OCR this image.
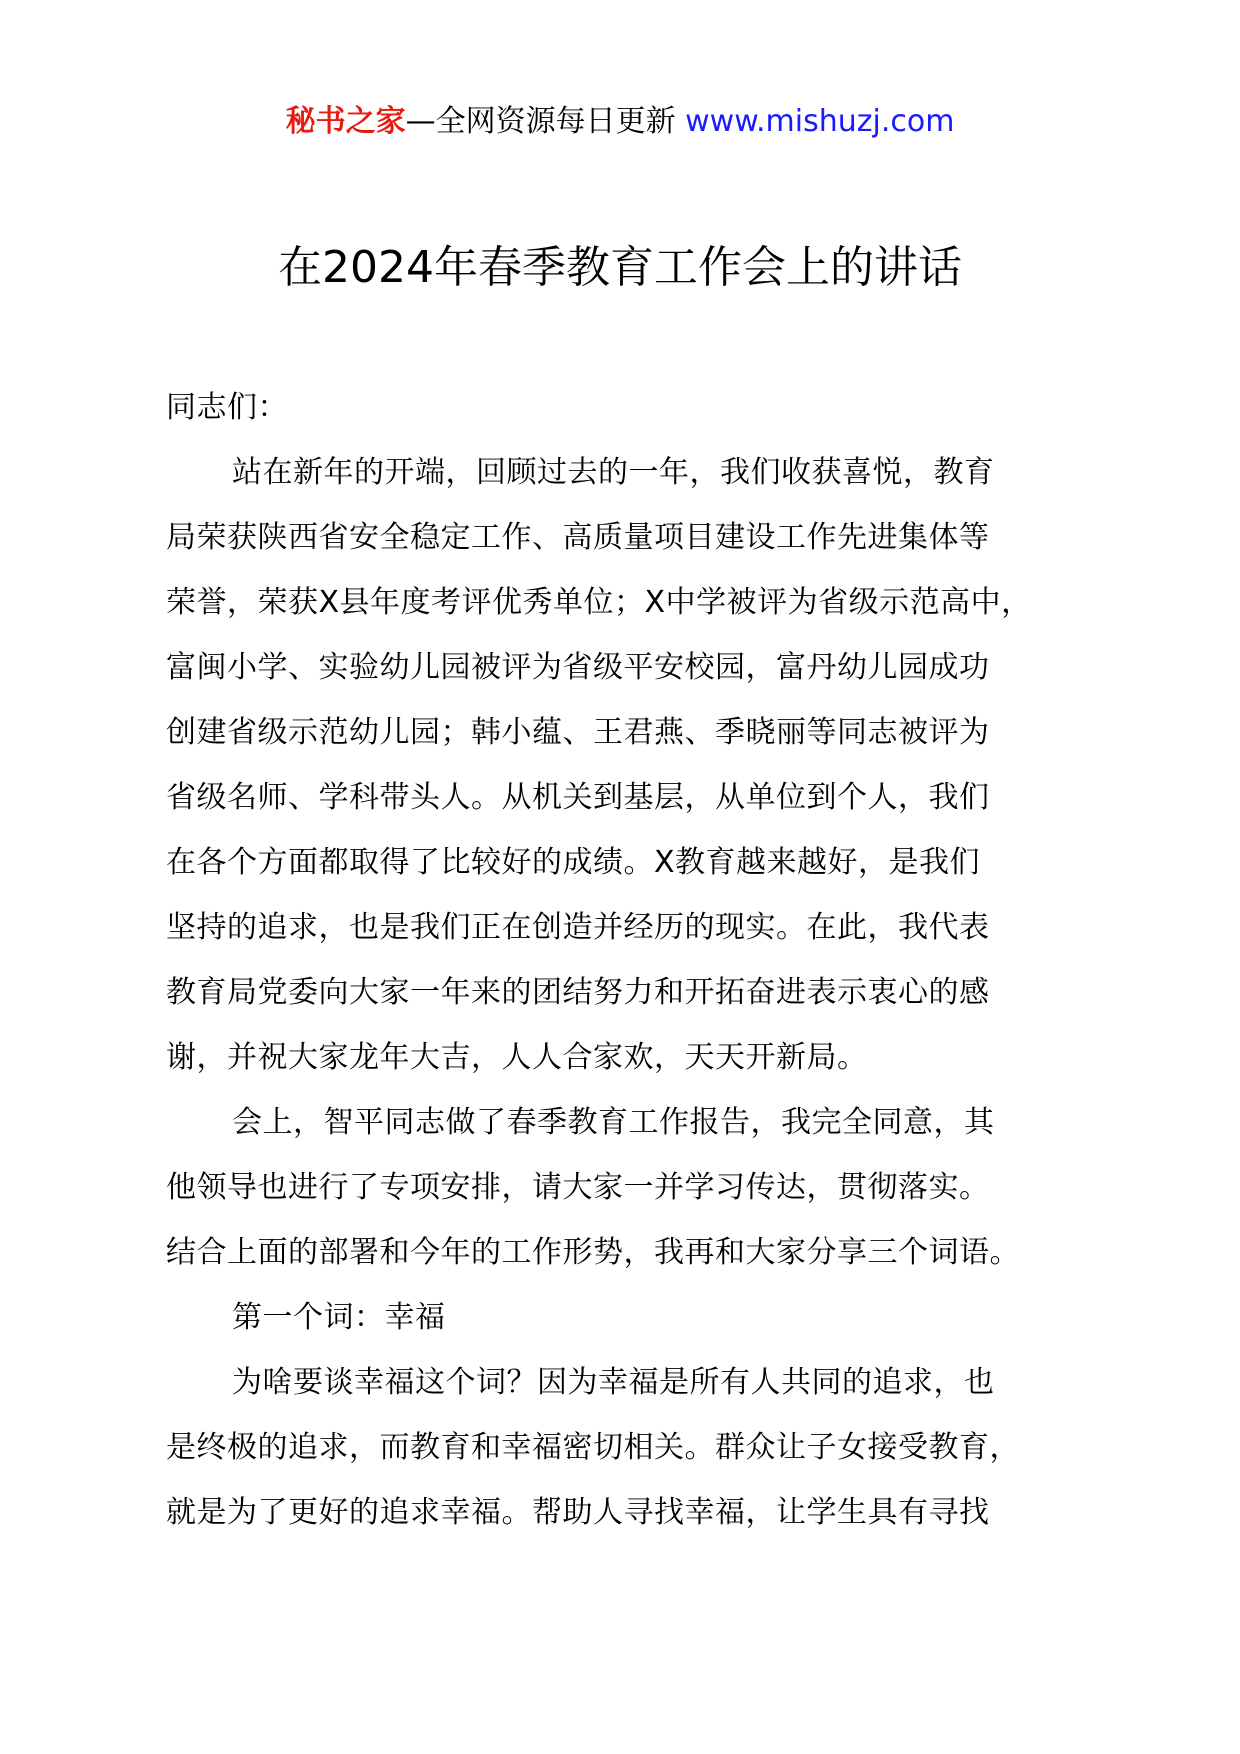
秘书之家—全网资源每日更新 www.mishuzj.com
在2024年春季教育工作会上的讲话
同志们：
站在新年的开端，回顾过去的一年，我们收获喜悦，教育
局荣获陕西省安全稳定工作、高质量项目建设工作先进集体等
荣誉，荣获X县年度考评优秀单位；X中学被评为省级示范高中，
富闽小学、实验幼儿园被评为省级平安校园，富丹幼儿园成功
创建省级示范幼儿园；韩小蕴、王君燕、季晓丽等同志被评为
省级名师、学科带头人。从机关到基层，从单位到个人，我们
在各个方面都取得了比较好的成绩。X教育越来越好，是我们
坚持的追求，也是我们正在创造并经历的现实。在此，我代表
教育局党委向大家一年来的团结努力和开拓奋进表示衷心的感
谢，并祝大家龙年大吉，人人合家欢，天天开新局。
会上，智平同志做了春季教育工作报告，我完全同意，其
他领导也进行了专项安排，请大家一并学习传达，贯彻落实。
结合上面的部署和今年的工作形势，我再和大家分享三个词语。
第一个词：幸福
为啥要谈幸福这个词？因为幸福是所有人共同的追求，也
是终极的追求，而教育和幸福密切相关。群众让子女接受教育，
就是为了更好的追求幸福。帮助人寻找幸福，让学生具有寻找
